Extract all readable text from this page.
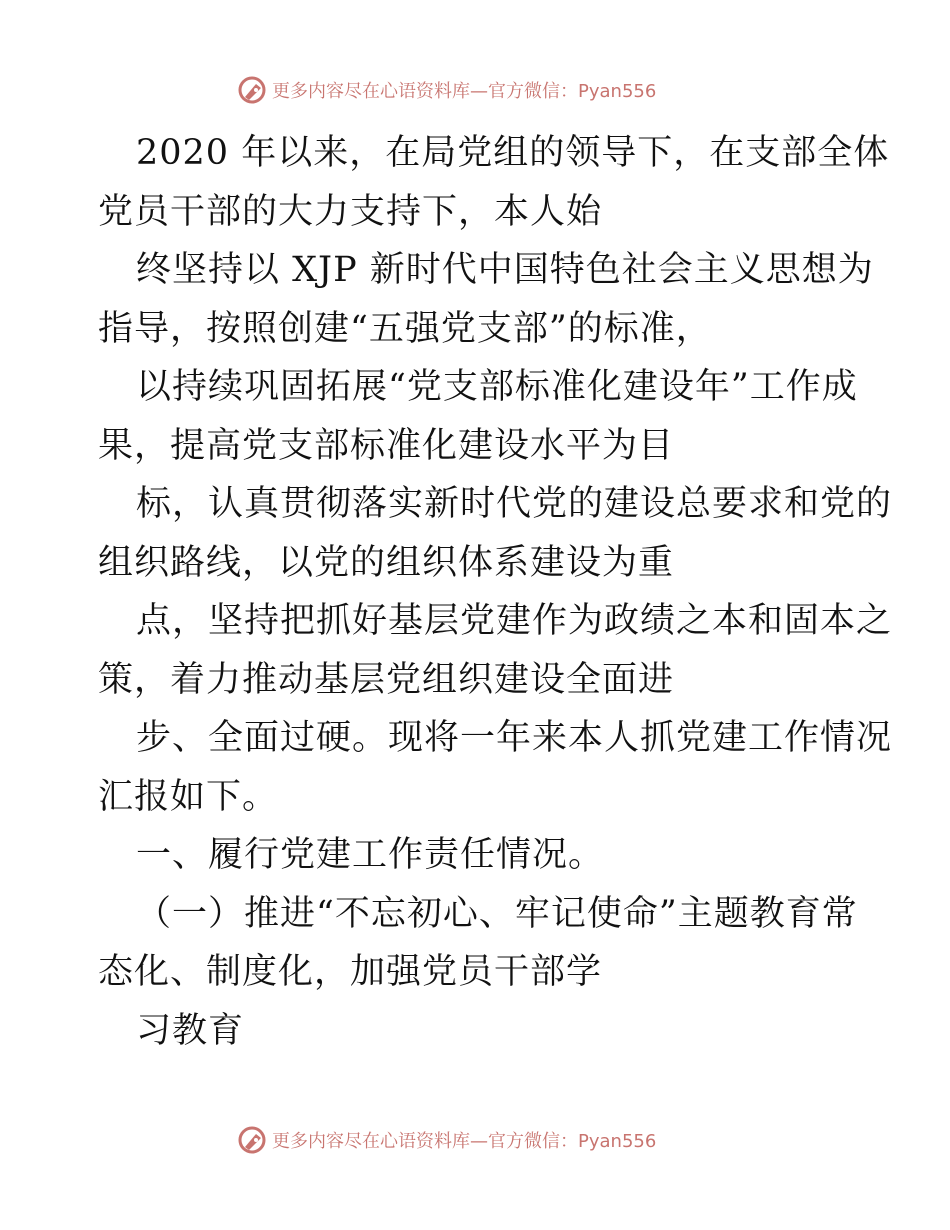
更多内容尽在心语资料库—官方微信：Pyan556
2020 年以来，在局党组的领导下，在支部全体
党员干部的大力支持下，本人始
终坚持以 XJP 新时代中国特色社会主义思想为
指导，按照创建“五强党支部”的标准，
以持续巩固拓展“党支部标准化建设年”工作成
果，提高党支部标准化建设水平为目
标，认真贯彻落实新时代党的建设总要求和党的
组织路线，以党的组织体系建设为重
点，坚持把抓好基层党建作为政绩之本和固本之
策，着力推动基层党组织建设全面进
步、全面过硬。现将一年来本人抓党建工作情况
汇报如下。
一、履行党建工作责任情况。
（一）推进“不忘初心、牢记使命”主题教育常
态化、制度化，加强党员干部学
习教育
更多内容尽在心语资料库—官方微信：Pyan556
